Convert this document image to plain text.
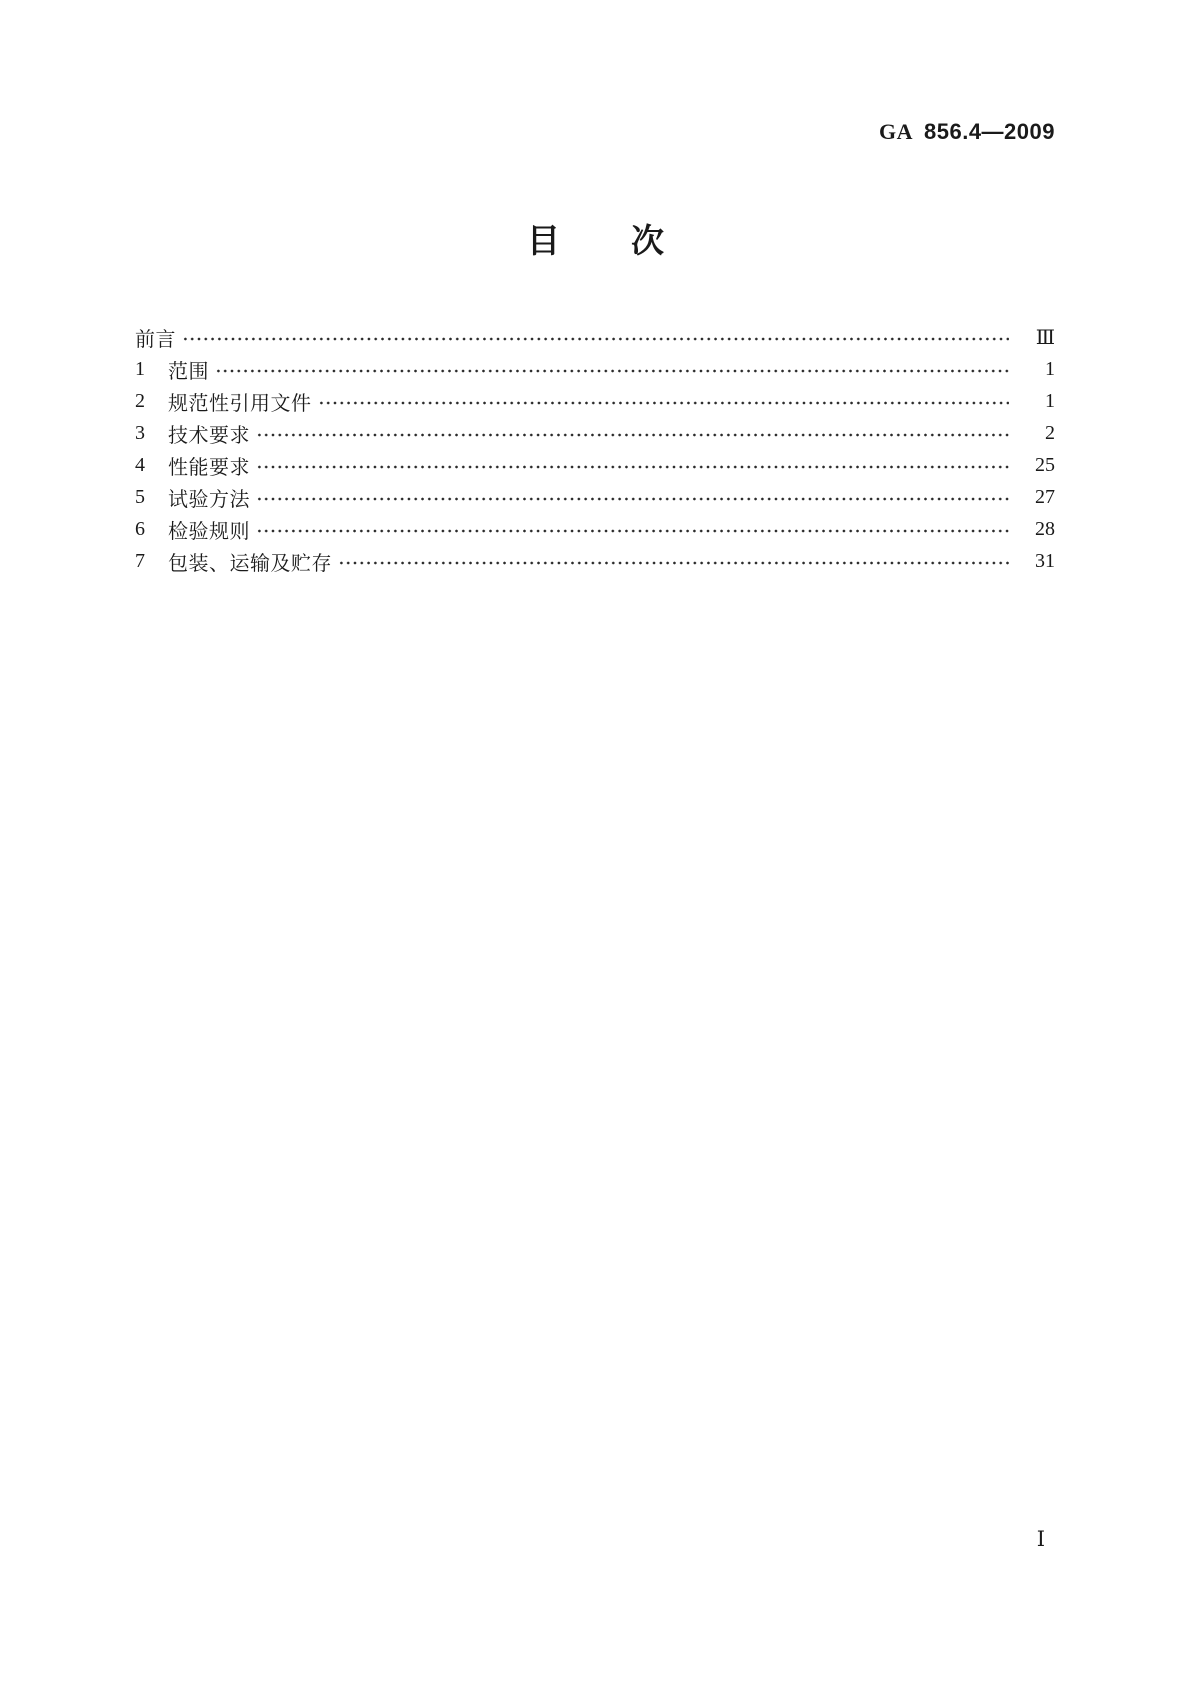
GA 856.4—2009
目 次
前言	Ⅲ
1	范围	1
2	规范性引用文件	1
3	技术要求	2
4	性能要求	25
5	试验方法	27
6	检验规则	28
7	包装、运输及贮存	31
Ⅰ
